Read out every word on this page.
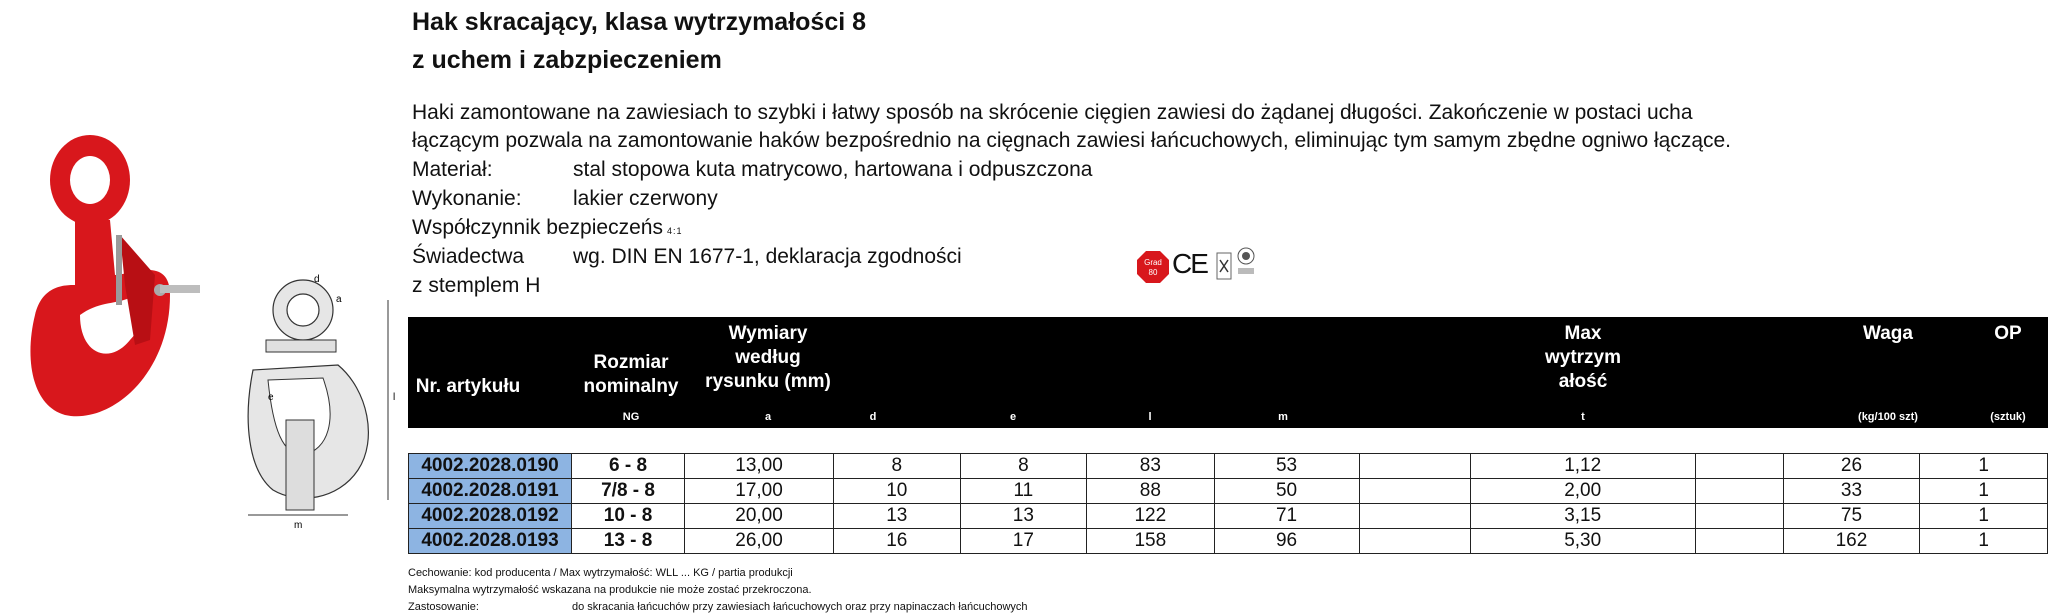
d
a
e	l
m
Hak skracający, klasa wytrzymałości 8
z uchem i zabzpieczeniem
Haki zamontowane na zawiesiach to szybki i łatwy sposób na skrócenie cięgien zawiesi do żądanej długości. Zakończenie w postaci ucha
łączącym pozwala na zamontowanie haków bezpośrednio na cięgnach zawiesi łańcuchowych, eliminując tym samym zbędne ogniwo łączące.
Materiał:	stal stopowa kuta matrycowo, hartowana i odpuszczona
Wykonanie: lakier czerwony
Współczynnik bezpieczeńs 4:1
Świadectwa wg. DIN EN 1677-1, deklaracja zgodności
z stemplem H
Grad
80 CE
Nr. artykułu
Rozmiar nominalny
Wymiary według rysunku (mm)
Max
wytrzym
ałość
Waga	OP
NG	a	d	e	l	m	t	(kg/100 szt)	(sztuk)
4002.2028.0190	6 - 8	13,00	8	8	83	53		1,12		26	1
4002.2028.0191	7/8 - 8	17,00	10	11	88	50		2,00		33	1
4002.2028.0192	10 - 8	20,00	13	13	122	71		3,15		75	1
4002.2028.0193	13 - 8	26,00	16	17	158	96		5,30		162	1
Cechowanie: kod producenta / Max wytrzymałość: WLL ... KG / partia produkcji
Maksymalna wytrzymałość wskazana na produkcie nie może zostać przekroczona.
Zastosowanie:	do skracania łańcuchów przy zawiesiach łańcuchowych oraz przy napinaczach łańcuchowych
